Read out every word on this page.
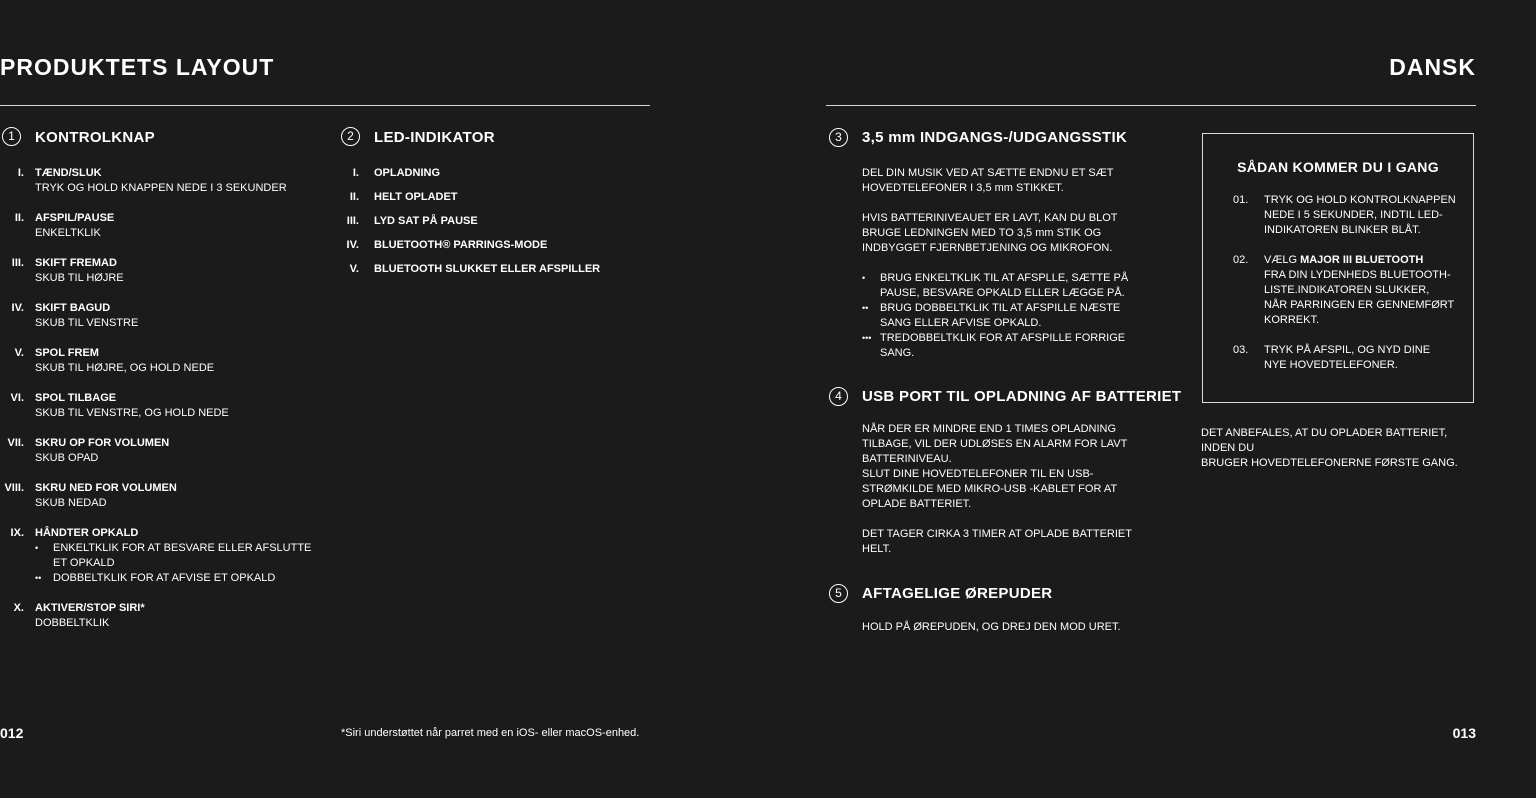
PRODUKTETS LAYOUT	DANSK
1	KONTROLKNAP
I. TÆND/SLUK
TRYK OG HOLD KNAPPEN NEDE I 3 SEKUNDER
II. AFSPIL/PAUSE
ENKELTKLIK
III. SKIFT FREMAD
SKUB TIL HØJRE
IV. SKIFT BAGUD
SKUB TIL VENSTRE
V. SPOL FREM
SKUB TIL HØJRE, OG HOLD NEDE
VI. SPOL TILBAGE
SKUB TIL VENSTRE, OG HOLD NEDE
VII. SKRU OP FOR VOLUMEN
SKUB OPAD
VIII. SKRU NED FOR VOLUMEN
SKUB NEDAD
IX. HÅNDTER OPKALD
• ENKELTKLIK FOR AT BESVARE ELLER AFSLUTTE
ET OPKALD
•• DOBBELTKLIK FOR AT AFVISE ET OPKALD
X. AKTIVER/STOP SIRI*
DOBBELTKLIK
2	LED-INDIKATOR
I. OPLADNING
II. HELT OPLADET
III. LYD SAT PÅ PAUSE
IV. BLUETOOTH® PARRINGS-MODE
V. BLUETOOTH SLUKKET ELLER AFSPILLER
012	*Siri understøttet når parret med en iOS- eller macOS-enhed.
3	3,5 mm INDGANGS-/UDGANGSSTIK
DEL DIN MUSIK VED AT SÆTTE ENDNU ET SÆT
HOVEDTELEFONER I 3,5 mm STIKKET.
HVIS BATTERINIVEAUET ER LAVT, KAN DU BLOT
BRUGE LEDNINGEN MED TO 3,5 mm STIK OG
INDBYGGET FJERNBETJENING OG MIKROFON.
• BRUG ENKELTKLIK TIL AT AFSPLLE, SÆTTE PÅ
PAUSE, BESVARE OPKALD ELLER LÆGGE PÅ.
•• BRUG DOBBELTKLIK TIL AT AFSPILLE NÆSTE
SANG ELLER AFVISE OPKALD.
••• TREDOBBELTKLIK FOR AT AFSPILLE FORRIGE SANG.
4	USB PORT TIL OPLADNING AF BATTERIET
NÅR DER ER MINDRE END 1 TIMES OPLADNING
TILBAGE, VIL DER UDLØSES EN ALARM FOR LAVT
BATTERINIVEAU.
SLUT DINE HOVEDTELEFONER TIL EN USB-
STRØMKILDE MED MIKRO-USB -KABLET FOR AT
OPLADE BATTERIET.
DET TAGER CIRKA 3 TIMER AT OPLADE BATTERIET HELT.
5	AFTAGELIGE ØREPUDER
HOLD PÅ ØREPUDEN, OG DREJ DEN MOD URET.
SÅDAN KOMMER DU I GANG
01.	TRYK OG HOLD KONTROLKNAPPEN
NEDE I 5 SEKUNDER, INDTIL LED-
INDIKATOREN BLINKER BLÅT.
02.	VÆLG MAJOR III BLUETOOTH
FRA DIN LYDENHEDS BLUETOOTH-
LISTE.INDIKATOREN SLUKKER,
NÅR PARRINGEN ER GENNEMFØRT
KORREKT.
03.	TRYK PÅ AFSPIL, OG NYD DINE
NYE HOVEDTELEFONER.
DET ANBEFALES, AT DU OPLADER BATTERIET, INDEN DU
BRUGER HOVEDTELEFONERNE FØRSTE GANG.
013
